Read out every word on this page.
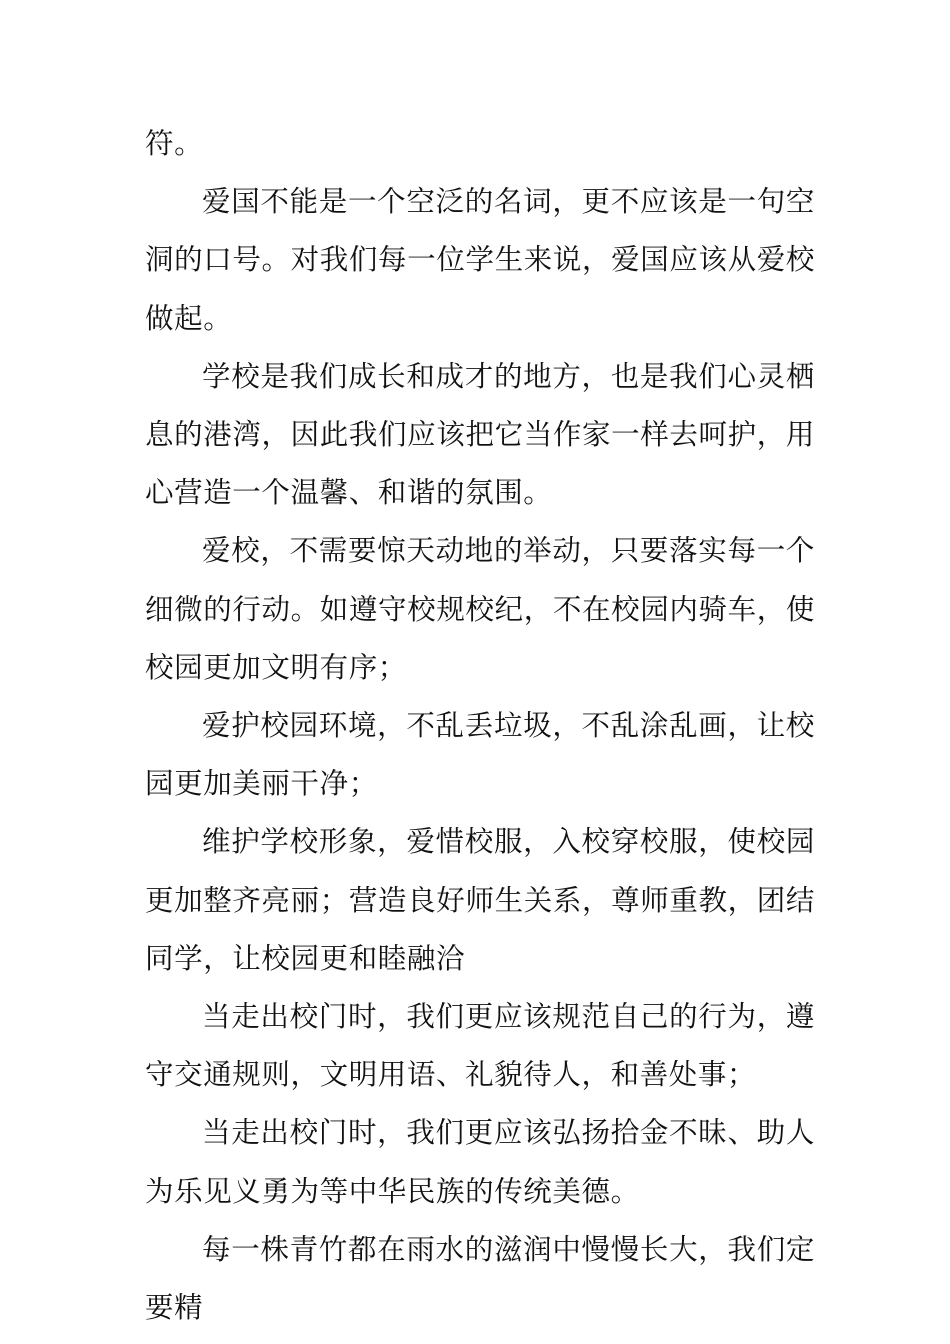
符。

爱国不能是一个空泛的名词，更不应该是一句空洞的口号。对我们每一位学生来说，爱国应该从爱校做起。

学校是我们成长和成才的地方，也是我们心灵栖息的港湾，因此我们应该把它当作家一样去呵护，用心营造一个温馨、和谐的氛围。

爱校，不需要惊天动地的举动，只要落实每一个细微的行动。如遵守校规校纪，不在校园内骑车，使校园更加文明有序；

爱护校园环境，不乱丢垃圾，不乱涂乱画，让校园更加美丽干净；

维护学校形象，爱惜校服，入校穿校服，使校园更加整齐亮丽；营造良好师生关系，尊师重教，团结同学，让校园更和睦融洽

当走出校门时，我们更应该规范自己的行为，遵守交通规则，文明用语、礼貌待人，和善处事；

当走出校门时，我们更应该弘扬拾金不昧、助人为乐见义勇为等中华民族的传统美德。

每一株青竹都在雨水的滋润中慢慢长大，我们定要精
